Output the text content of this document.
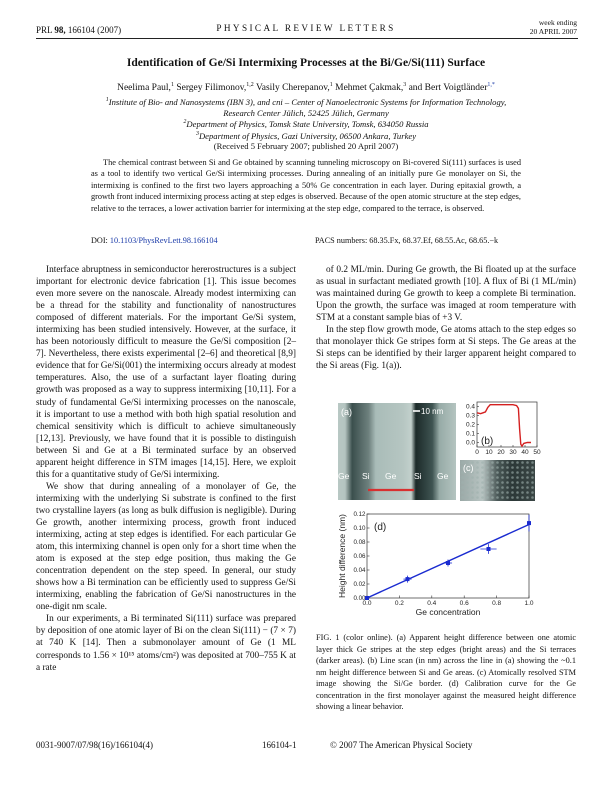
PRL 98, 166104 (2007)	PHYSICAL REVIEW LETTERS
week ending
20 APRIL 2007
Identification of Ge/Si Intermixing Processes at the Bi/Ge/Si(111) Surface
Neelima Paul,$^1$ Sergey Filimonov,$^{1,2}$ Vasily Cherepanov,$^1$ Mehmet Çakmak,$^3$ and Bert Voigtländer$^{1,*}$
$^1$Institute of Bio- and Nanosystems (IBN 3), and cni – Center of Nanoelectronic Systems for Information Technology,
Research Center Jülich, 52425 Jülich, Germany
$^2$Department of Physics, Tomsk State University, Tomsk, 634050 Russia
$^3$Department of Physics, Gazi University, 06500 Ankara, Turkey
(Received 5 February 2007; published 20 April 2007)
The chemical contrast between Si and Ge obtained by scanning tunneling microscopy on Bi-covered Si(111) surfaces is used as a tool to identify two vertical Ge/Si intermixing processes. During annealing of an initially pure Ge monolayer on Si, the intermixing is confined to the first two layers approaching a 50% Ge concentration in each layer. During epitaxial growth, a growth front induced intermixing process acting at step edges is observed. Because of the open atomic structure at the step edges, relative to the terraces, a lower activation barrier for intermixing at the step edge, compared to the terrace, is observed.
DOI: 10.1103/PhysRevLett.98.166104	PACS numbers: 68.35.Fx, 68.37.Ef, 68.55.Ac, 68.65.−k

Interface abruptness in semiconductor hererostructures is a subject important for electronic device fabrication [1]. This issue becomes even more severe on the nanoscale. Already modest intermixing can be a thread for the stability and functionality of nanostructures composed of different materials. For the important Ge/Si system, intermixing has been studied intensively. However, at the surface, it has been notoriously difficult to measure the Ge/Si composition [2–7]. Nevertheless, there exists experimental [2–6] and theoretical [8,9] evidence that for Ge/Si(001) the intermixing occurs already at modest temperatures. Also, the use of a surfactant layer floating during growth was proposed as a way to suppress intermixing [10,11]. For a study of fundamental Ge/Si intermixing processes on the nanoscale, it is important to use a method with both high spatial resolution and chemical sensitivity which is difficult to achieve simultaneously [12,13]. Previously, we have found that it is possible to distinguish between Si and Ge at a Bi terminated surface by an observed apparent height difference in STM images [14,15]. Here, we exploit this for a quantitative study of Ge/Si intermixing.

We show that during annealing of a monolayer of Ge, the intermixing with the underlying Si substrate is confined to the first two crystalline layers (as long as bulk diffusion is negligible). During Ge growth, another intermixing process, growth front induced intermixing, acting at step edges is identified. For each particular Ge atom, this intermixing channel is open only for a short time when the atom is exposed at the step edge position, thus making the Ge concentration dependent on the step speed. In general, our study shows how a Bi termination can be efficiently used to suppress Ge/Si intermixing, enabling the fabrication of Ge/Si nanostructures in the one-digit nm scale.

In our experiments, a Bi terminated Si(111) surface was prepared by deposition of one atomic layer of Bi on the clean Si(111) − (7 × 7) at 740 K [14]. Then a submonolayer amount of Ge (1 ML corresponds to 1.56 × 10¹⁵ atoms/cm²) was deposited at 700–755 K at a rate

of 0.2 ML/min. During Ge growth, the Bi floated up at the surface as usual in surfactant mediated growth [10]. A flux of Bi (1 ML/min) was maintained during Ge growth to keep a complete Bi termination. Upon the growth, the surface was imaged at room temperature with STM at a constant sample bias of +3 V.

In the step flow growth mode, Ge atoms attach to the step edges so that monolayer thick Ge stripes form at Si steps. The Ge areas at the Si steps can be identified by their larger apparent height compared to the Si areas (Fig. 1(a)).

(a)	10 nm
Ge Si Ge Si Ge
(b)
0 10 20 30 40 50
0.0
0.1
0.2
0.3
0.4
(c)
(d)
Ge concentration
Height difference (nm)
0.0	0.2	0.4	0.6	0.8	1.0
0.00
0.02
0.04
0.06
0.08
0.10
0.12
FIG. 1 (color online). (a) Apparent height difference between one atomic layer thick Ge stripes at the step edges (bright areas) and the Si terraces (darker areas). (b) Line scan (in nm) across the line in (a) showing the ~0.1 nm height difference between Si and Ge areas. (c) Atomically resolved STM image showing the Si/Ge border. (d) Calibration curve for the Ge concentration in the first monolayer against the measured height difference showing a linear behavior.
0031-9007/07/98(16)/166104(4)	166104-1	© 2007 The American Physical Society
